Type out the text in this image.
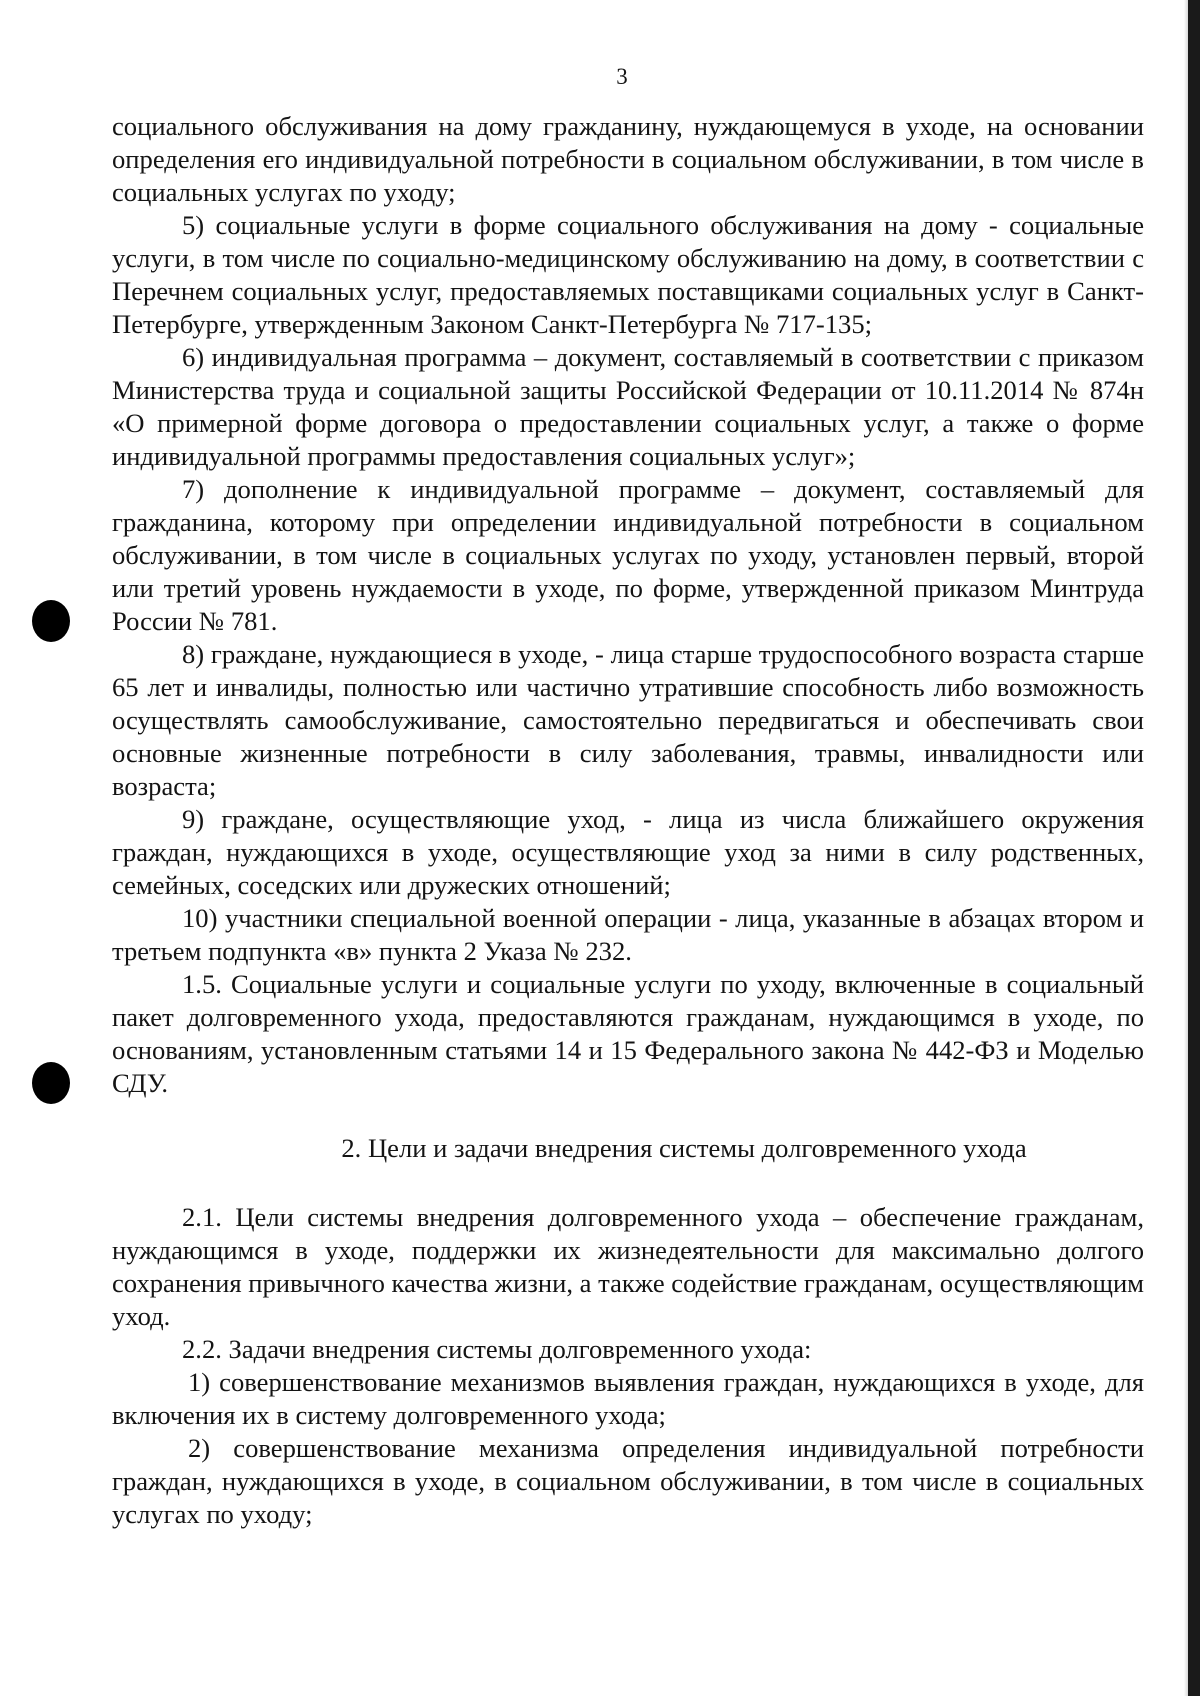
3

социального обслуживания на дому гражданину, нуждающемуся в уходе, на основании определения его индивидуальной потребности в социальном обслуживании, в том числе в социальных услугах по уходу;

5) социальные услуги в форме социального обслуживания на дому - социальные услуги, в том числе по социально-медицинскому обслуживанию на дому, в соответствии с Перечнем социальных услуг, предоставляемых поставщиками социальных услуг в Санкт-Петербурге, утвержденным Законом Санкт-Петербурга № 717-135;

6) индивидуальная программа – документ, составляемый в соответствии с приказом Министерства труда и социальной защиты Российской Федерации от 10.11.2014 № 874н «О примерной форме договора о предоставлении социальных услуг, а также о форме индивидуальной программы предоставления социальных услуг»;

7) дополнение к индивидуальной программе – документ, составляемый для гражданина, которому при определении индивидуальной потребности в социальном обслуживании, в том числе в социальных услугах по уходу, установлен первый, второй или третий уровень нуждаемости в уходе, по форме, утвержденной приказом Минтруда России № 781.

8) граждане, нуждающиеся в уходе, - лица старше трудоспособного возраста старше 65 лет и инвалиды, полностью или частично утратившие способность либо возможность осуществлять самообслуживание, самостоятельно передвигаться и обеспечивать свои основные жизненные потребности в силу заболевания, травмы, инвалидности или возраста;

9) граждане, осуществляющие уход, - лица из числа ближайшего окружения граждан, нуждающихся в уходе, осуществляющие уход за ними в силу родственных, семейных, соседских или дружеских отношений;

10) участники специальной военной операции - лица, указанные в абзацах втором и третьем подпункта «в» пункта 2 Указа № 232.

1.5. Социальные услуги и социальные услуги по уходу, включенные в социальный пакет долговременного ухода, предоставляются гражданам, нуждающимся в уходе, по основаниям, установленным статьями 14 и 15 Федерального закона № 442-ФЗ и Моделью СДУ.

2. Цели и задачи внедрения системы долговременного ухода

2.1. Цели системы внедрения долговременного ухода – обеспечение гражданам, нуждающимся в уходе, поддержки их жизнедеятельности для максимально долгого сохранения привычного качества жизни, а также содействие гражданам, осуществляющим уход.

2.2. Задачи внедрения системы долговременного ухода:

1) совершенствование механизмов выявления граждан, нуждающихся в уходе, для включения их в систему долговременного ухода;

2) совершенствование механизма определения индивидуальной потребности граждан, нуждающихся в уходе, в социальном обслуживании, в том числе в социальных услугах по уходу;
